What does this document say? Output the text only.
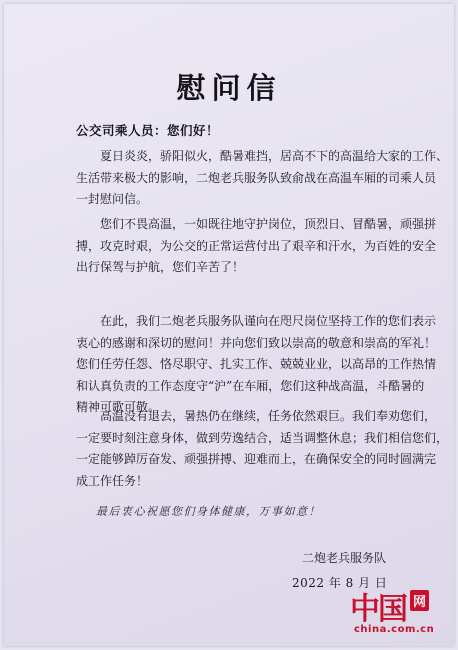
慰问信
公交司乘人员：您们好！

夏日炎炎，骄阳似火，酷暑难挡，居高不下的高温给大家的工作、
生活带来极大的影响，二炮老兵服务队致俞战在高温车厢的司乘人员
一封慰问信。

您们不畏高温，一如既往地守护岗位，顶烈日、冒酷暑，顽强拼
搏，攻克时艰，为公交的正常运营付出了艰辛和汗水，为百姓的安全
出行保驾与护航，您们辛苦了！

在此，我们二炮老兵服务队谨向在咫尺岗位坚持工作的您们表示
衷心的感谢和深切的慰问！并向您们致以崇高的敬意和崇高的军礼！
您们任劳任怨、恪尽职守、扎实工作、兢兢业业，以高昂的工作热情
和认真负责的工作态度守“沪”在车厢，您们这种战高温，斗酷暑的
精神可歌可敬。

高温没有退去，暑热仍在继续，任务依然艰巨。我们奉劝您们，
一定要时刻注意身体，做到劳逸结合，适当调整休息；我们相信您们，
一定能够踔厉奋发、顽强拼搏、迎难而上，在确保安全的同时圆满完
成工作任务！

最后衷心祝愿您们身体健康，万事如意！
二炮老兵服务队
2022 年 8 月 日
中国 网
china.com.cn
